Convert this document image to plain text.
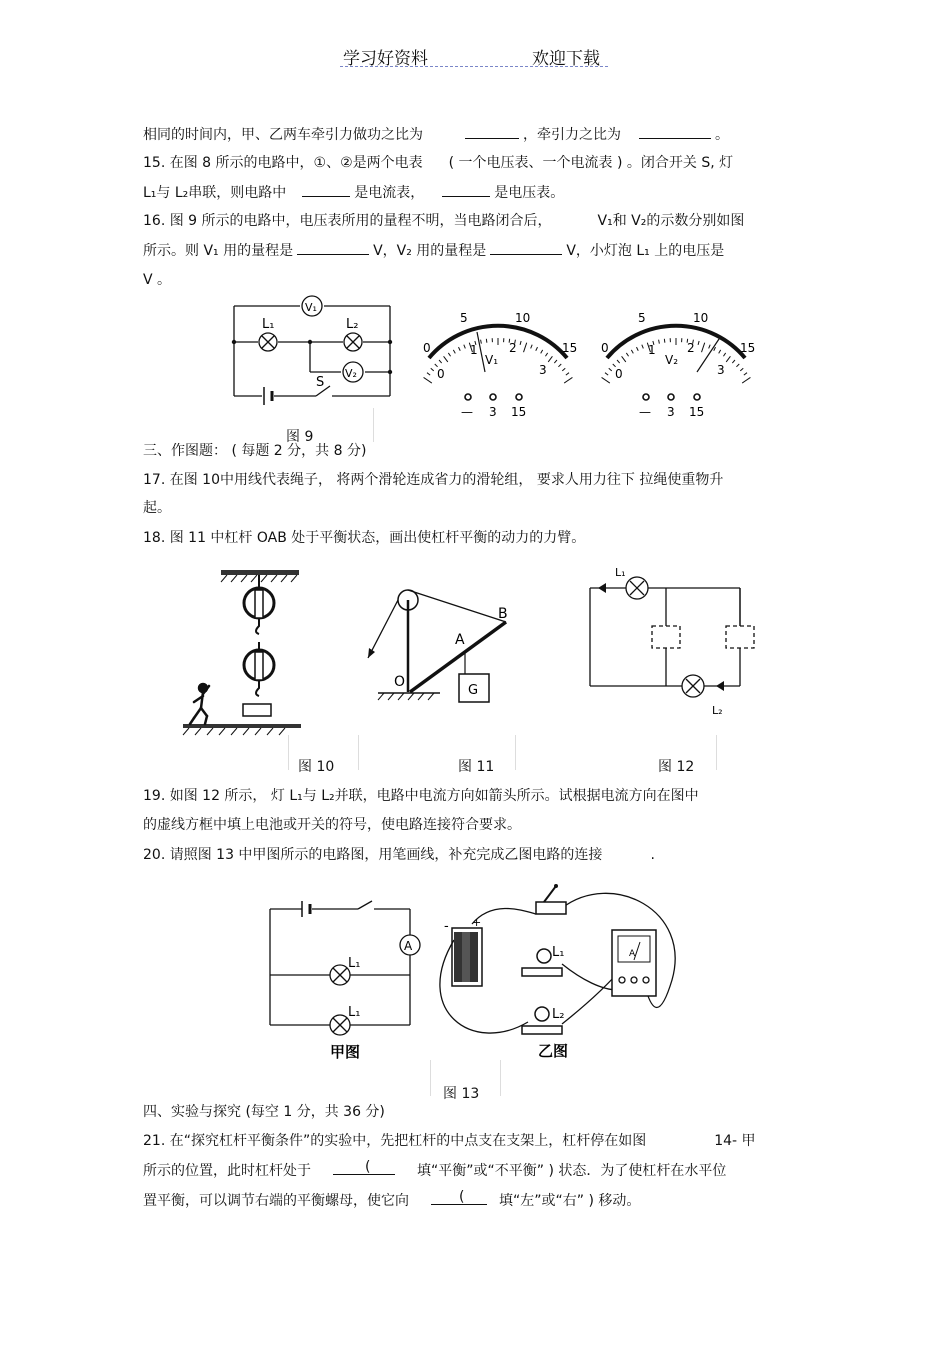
学习好资料	欢迎下载
相同的时间内，甲、乙两车牵引力做功之比为	，牵引力之比为	。
15. 在图 8 所示的电路中，①、②是两个电表 ( 一个电压表、一个电流表 ) 。闭合开关 S, 灯
L₁与 L₂串联，则电路中	是电流表，	是电压表。
16. 图 9 所示的电路中，电压表所用的量程不明，当电路闭合后，	V₁和 V₂的示数分别如图
所示。则 V₁ 用的量程是	V，V₂ 用的量程是	V，小灯泡 L₁ 上的电压是
V 。
V₁
V₂
L₁	L₂
S
图 9
0
5	10
15
0
1	2
3
V₁
— 3 15
0
5	10
15
0
1	2
3
V₂
— 3 15
三、作图题： ( 每题 2 分，共 8 分)
17. 在图 10中用线代表绳子， 将两个滑轮连成省力的滑轮组， 要求人用力往下 拉绳使重物升
起。
18. 图 11 中杠杆 OAB 处于平衡状态，画出使杠杆平衡的动力的力臂。
图 10
O
A
B
G
图 11
L₁
L₂
图 12
19. 如图 12 所示， 灯 L₁与 L₂并联，电路中电流方向如箭头所示。试根据电流方向在图中
的虚线方框中填上电池或开关的符号，使电路连接符合要求。
20. 请照图 13 中甲图所示的电路图，用笔画线，补充完成乙图电路的连接	.
A
L₁
L₁
甲图
- +
L₁
L₂
A
乙图
图 13
四、实验与探究 (每空 1 分，共 36 分)
21. 在“探究杠杆平衡条件”的实验中，先把杠杆的中点支在支架上，杠杆停在如图	14- 甲
所示的位置，此时杠杆处于	(	填“平衡”或“不平衡” ) 状态．为了使杠杆在水平位
置平衡，可以调节右端的平衡螺母，使它向	( 填“左”或“右” ) 移动。
